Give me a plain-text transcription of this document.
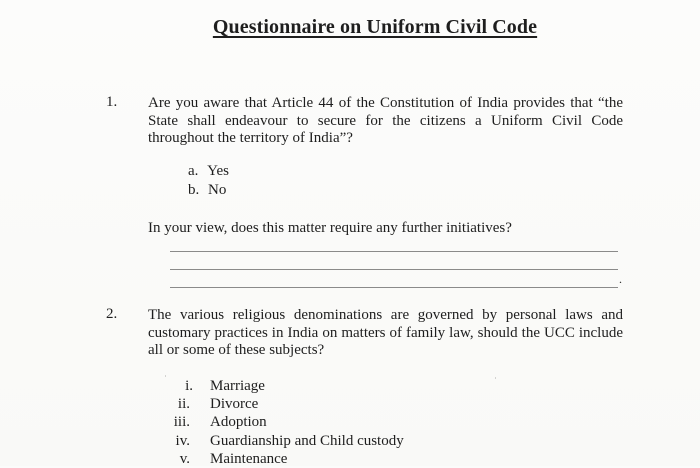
Questionnaire on Uniform Civil Code
1. Are you aware that Article 44 of the Constitution of India provides that “the State shall endeavour to secure for the citizens a Uniform Civil Code throughout the territory of India”?
a. Yes
b. No
In your view, does this matter require any further initiatives?
.
2. The various religious denominations are governed by personal laws and customary practices in India on matters of family law, should the UCC include all or some of these subjects?
ʿ	ʿ
i. Marriage
ii. Divorce
iii. Adoption
iv. Guardianship and Child custody
v. Maintenance
